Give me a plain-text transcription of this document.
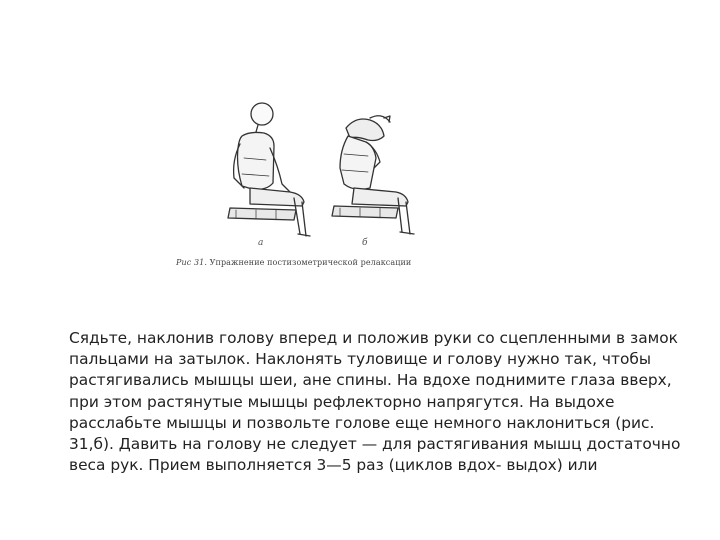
а	б
Рис 31. Упражнение постизометрической релаксации
Сядьте, наклонив голову вперед и положив руки со сцепленными в замок
пальцами на затылок. Наклонять туловище и голову нужно так, чтобы
растягивались мышцы шеи, ане спины. На вдохе поднимите глаза вверх,
при этом растянутые мышцы рефлекторно напрягутся. На выдохе
расслабьте мышцы и позвольте голове еще немного наклониться (рис.
31,б). Давить на голову не следует — для растягивания мышц достаточно
веса рук. Прием выполняется 3—5 раз (циклов вдох- выдох) или
